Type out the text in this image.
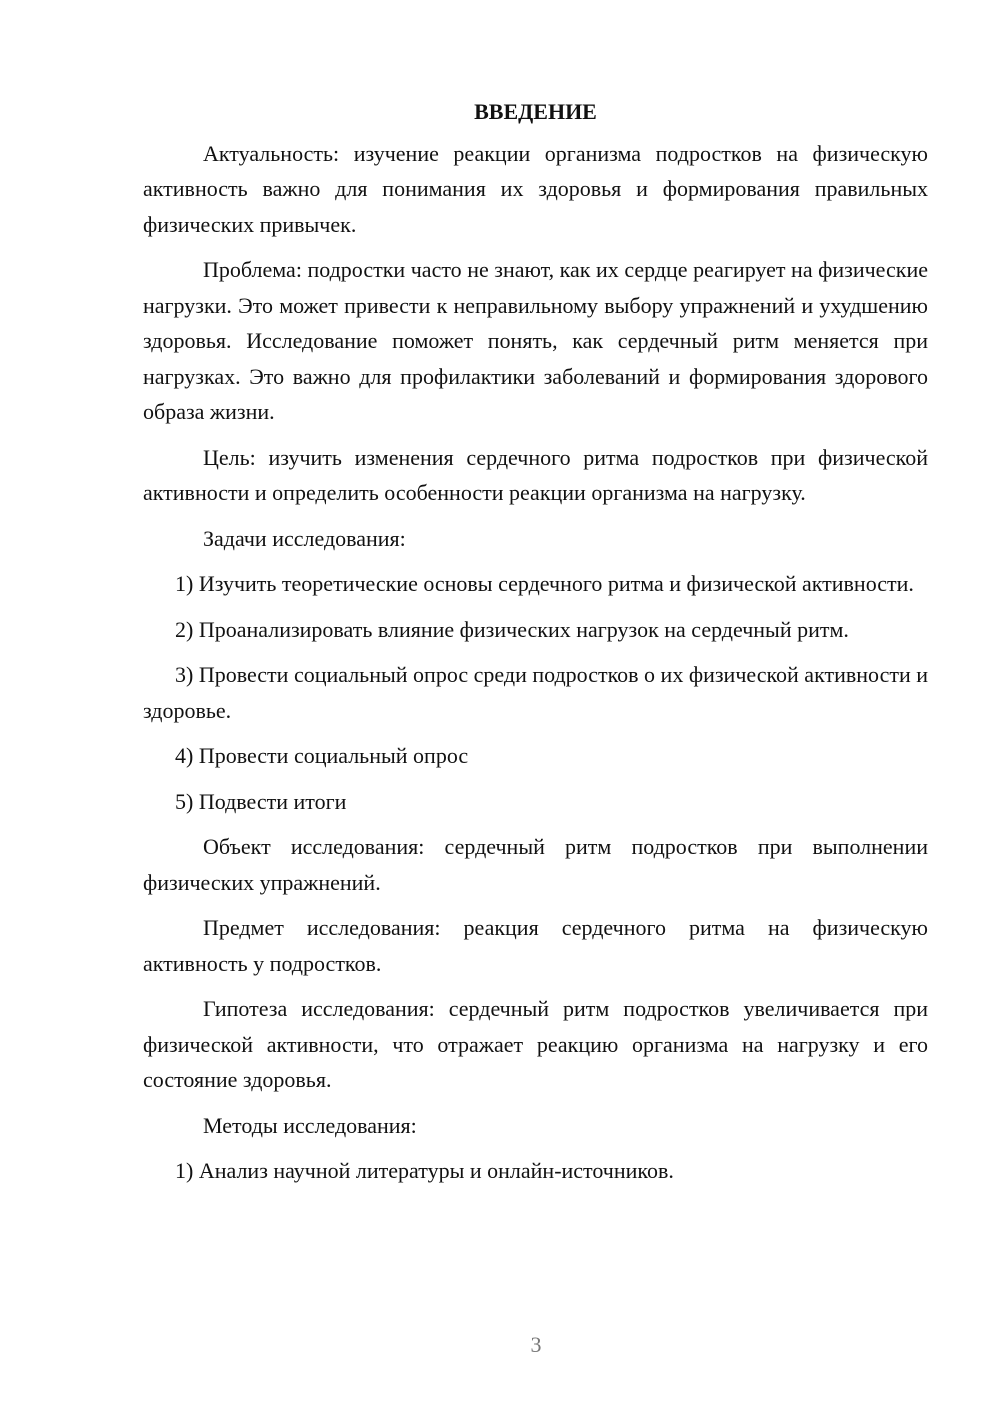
ВВЕДЕНИЕ

Актуальность: изучение реакции организма подростков на физическую активность важно для понимания их здоровья и формирования правильных физических привычек.

Проблема: подростки часто не знают, как их сердце реагирует на физические нагрузки. Это может привести к неправильному выбору упражнений и ухудшению здоровья. Исследование поможет понять, как сердечный ритм меняется при нагрузках. Это важно для профилактики заболеваний и формирования здорового образа жизни.

Цель: изучить изменения сердечного ритма подростков при физической активности и определить особенности реакции организма на нагрузку.

Задачи исследования:

1) Изучить теоретические основы сердечного ритма и физической активности.

2) Проанализировать влияние физических нагрузок на сердечный ритм.

3) Провести социальный опрос среди подростков о их физической активности и здоровье.

4) Провести социальный опрос

5) Подвести итоги

Объект исследования: сердечный ритм подростков при выполнении физических упражнений.

Предмет исследования: реакция сердечного ритма на физическую активность у подростков.

Гипотеза исследования: сердечный ритм подростков увеличивается при физической активности, что отражает реакцию организма на нагрузку и его состояние здоровья.

Методы исследования:

1) Анализ научной литературы и онлайн-источников.

3
